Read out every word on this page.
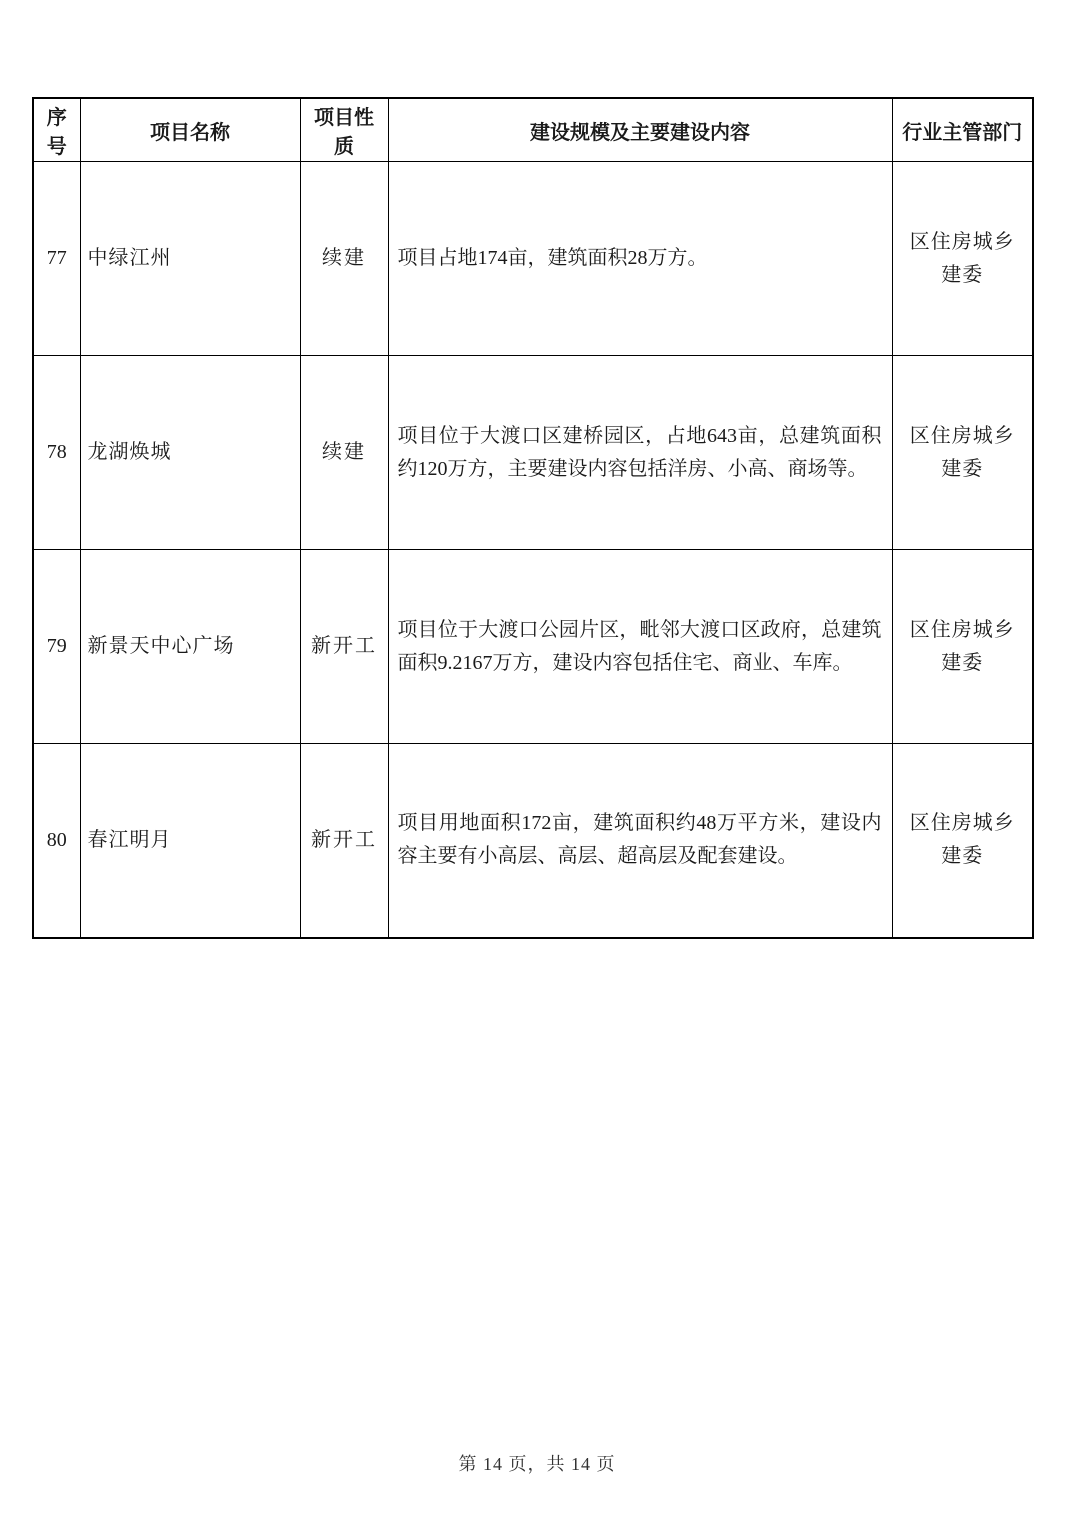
序号	项目名称	项目性质	建设规模及主要建设内容	行业主管部门
77	中绿江州	续建	项目占地174亩，建筑面积28万方。	区住房城乡建委
78	龙湖焕城	续建	项目位于大渡口区建桥园区，占地643亩，总建筑面积约120万方，主要建设内容包括洋房、小高、商场等。	区住房城乡建委
79	新景天中心广场	新开工	项目位于大渡口公园片区，毗邻大渡口区政府，总建筑面积9.2167万方，建设内容包括住宅、商业、车库。	区住房城乡建委
80	春江明月	新开工	项目用地面积172亩，建筑面积约48万平方米，建设内容主要有小高层、高层、超高层及配套建设。	区住房城乡建委
第 14 页，共 14 页
